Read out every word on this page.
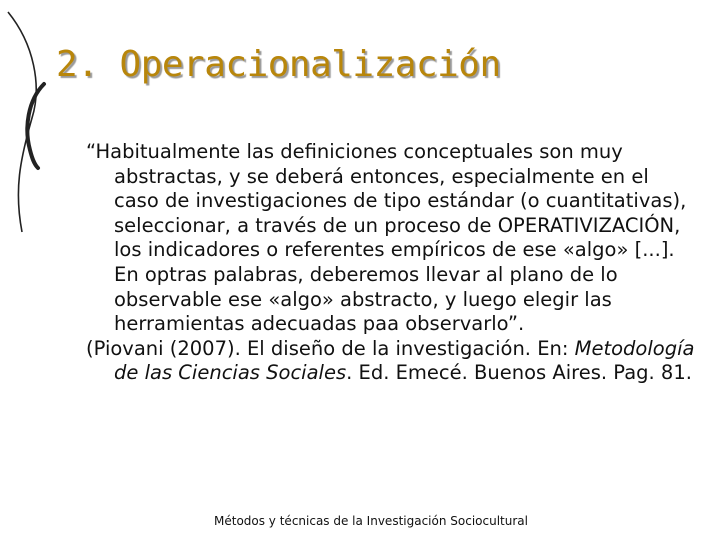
2. Operacionalización

“Habitualmente las definiciones conceptuales son muy abstractas, y se deberá entonces, especialmente en el caso de investigaciones de tipo estándar (o cuantitativas), seleccionar, a través de un proceso de OPERATIVIZACIÓN, los indicadores o referentes empíricos de ese «algo» [...]. En optras palabras, deberemos llevar al plano de lo observable ese «algo» abstracto, y luego elegir las herramientas adecuadas paa observarlo”.

(Piovani (2007). El diseño de la investigación. En: Metodología de las Ciencias Sociales. Ed. Emecé. Buenos Aires. Pag. 81.

Métodos y técnicas de la Investigación Sociocultural
